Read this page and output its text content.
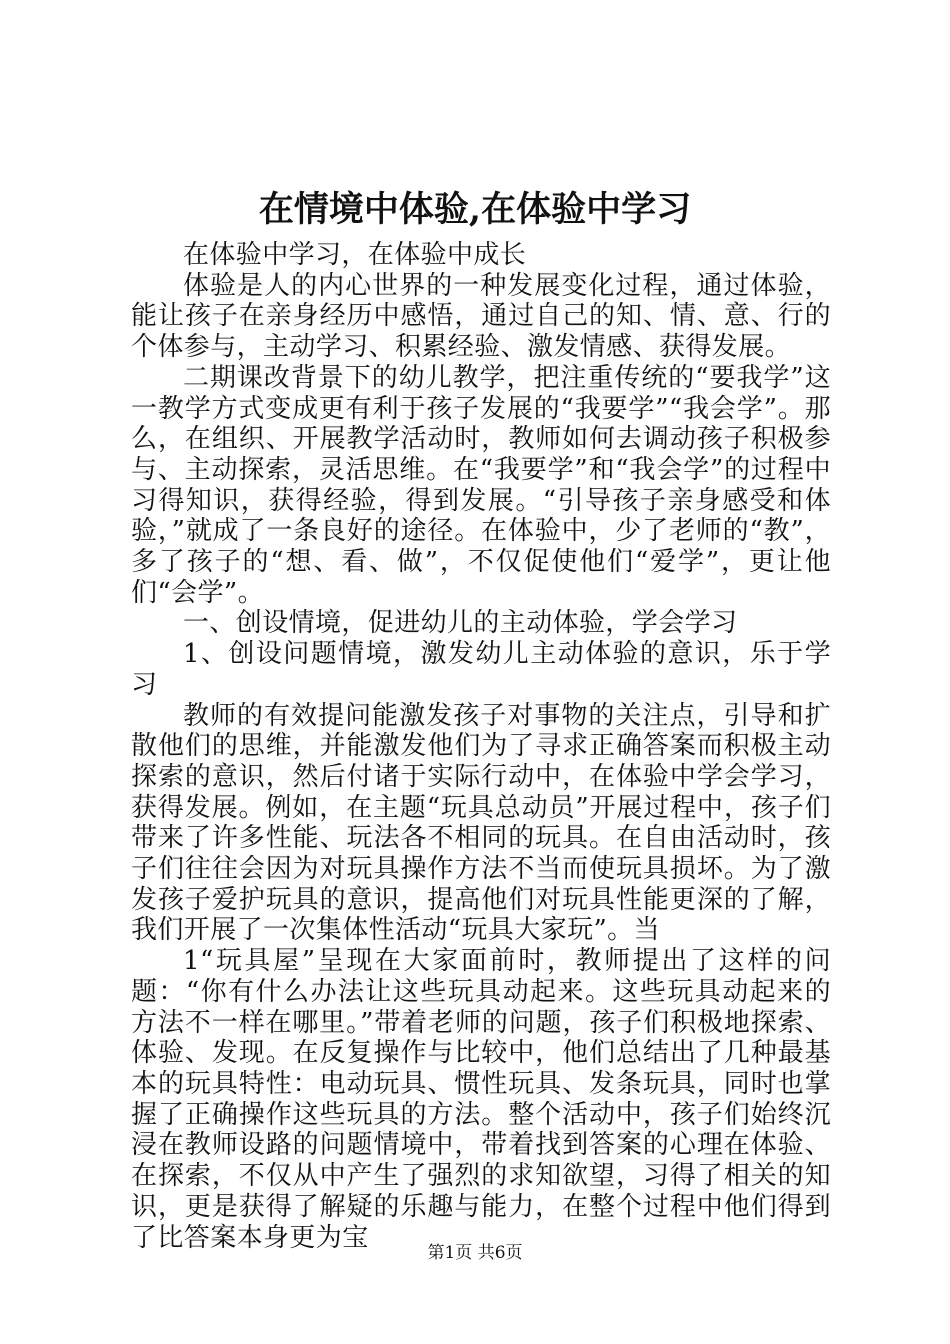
在情境中体验,在体验中学习

在体验中学习，在体验中成长

体验是人的内心世界的一种发展变化过程，通过体验，能让孩子在亲身经历中感悟，通过自己的知、情、意、行的个体参与，主动学习、积累经验、激发情感、获得发展。

二期课改背景下的幼儿教学，把注重传统的“要我学”这一教学方式变成更有利于孩子发展的“我要学”“我会学”。那么，在组织、开展教学活动时，教师如何去调动孩子积极参与、主动探索，灵活思维。在“我要学”和“我会学”的过程中习得知识，获得经验，得到发展。“引导孩子亲身感受和体验，”就成了一条良好的途径。在体验中，少了老师的“教”，多了孩子的“想、看、做”，不仅促使他们“爱学”，更让他们“会学”。

一、创设情境，促进幼儿的主动体验，学会学习

1、创设问题情境，激发幼儿主动体验的意识，乐于学习

教师的有效提问能激发孩子对事物的关注点，引导和扩散他们的思维，并能激发他们为了寻求正确答案而积极主动探索的意识，然后付诸于实际行动中，在体验中学会学习，获得发展。例如，在主题“玩具总动员”开展过程中，孩子们带来了许多性能、玩法各不相同的玩具。在自由活动时，孩子们往往会因为对玩具操作方法不当而使玩具损坏。为了激发孩子爱护玩具的意识，提高他们对玩具性能更深的了解，我们开展了一次集体性活动“玩具大家玩”。当

1“玩具屋”呈现在大家面前时，教师提出了这样的问题：“你有什么办法让这些玩具动起来。这些玩具动起来的方法不一样在哪里。”带着老师的问题，孩子们积极地探索、体验、发现。在反复操作与比较中，他们总结出了几种最基本的玩具特性：电动玩具、惯性玩具、发条玩具，同时也掌握了正确操作这些玩具的方法。整个活动中，孩子们始终沉浸在教师设路的问题情境中，带着找到答案的心理在体验、在探索，不仅从中产生了强烈的求知欲望，习得了相关的知识，更是获得了解疑的乐趣与能力，在整个过程中他们得到了比答案本身更为宝

第1页 共6页
